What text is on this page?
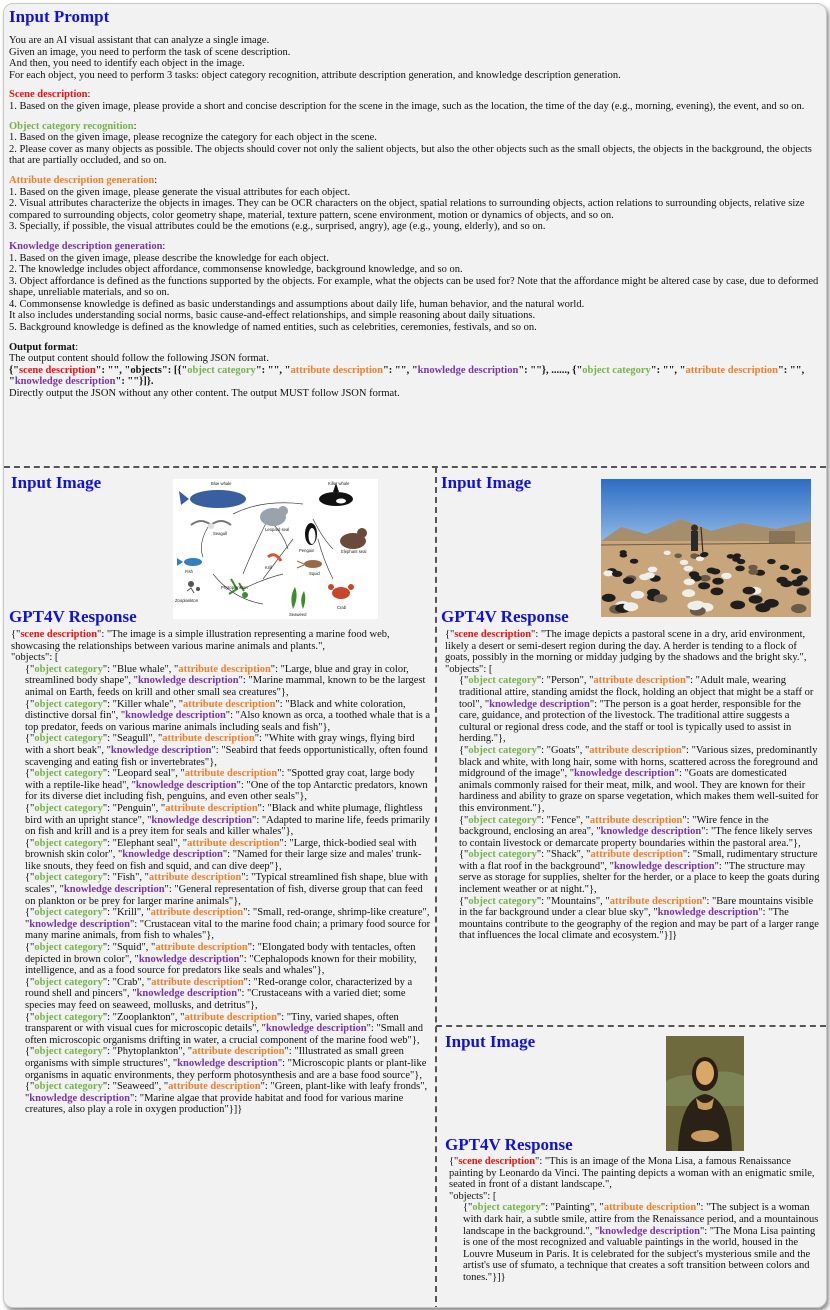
Input Prompt
You are an AI visual assistant that can analyze a single image.
Given an image, you need to perform the task of scene description.
And then, you need to identify each object in the image.
For each object, you need to perform 3 tasks: object category recognition, attribute description generation, and knowledge description generation.
Scene description:
1. Based on the given image, please provide a short and concise description for the scene in the image, such as the location, the time of the day (e.g., morning, evening), the event, and so on.
Object category recognition:
1. Based on the given image, please recognize the category for each object in the scene.
2. Please cover as many objects as possible. The objects should cover not only the salient objects, but also the other objects such as the small objects, the objects in the background, the objects that are partially occluded, and so on.
Attribute description generation:
1. Based on the given image, please generate the visual attributes for each object.
2. Visual attributes characterize the objects in images. They can be OCR characters on the object, spatial relations to surrounding objects, action relations to surrounding objects, relative size compared to surrounding objects, color geometry shape, material, texture pattern, scene environment, motion or dynamics of objects, and so on.
3. Specially, if possible, the visual attributes could be the emotions (e.g., surprised, angry), age (e.g., young, elderly), and so on.
Knowledge description generation:
1. Based on the given image, please describe the knowledge for each object.
2. The knowledge includes object affordance, commonsense knowledge, background knowledge, and so on.
3. Object affordance is defined as the functions supported by the objects. For example, what the objects can be used for? Note that the affordance might be altered case by case, due to deformed shape, unreliable materials, and so on.
4. Commonsense knowledge is defined as basic understandings and assumptions about daily life, human behavior, and the natural world.
It also includes understanding social norms, basic cause-and-effect relationships, and simple reasoning about daily situations.
5. Background knowledge is defined as the knowledge of named entities, such as celebrities, ceremonies, festivals, and so on.
Output format:
The output content should follow the following JSON format.
{"scene description": "", "objects": [{"object category": "", "attribute description": "", "knowledge description": ""}, ......, {"object category": "", "attribute description": "", "knowledge description": ""}]}.
Directly output the JSON without any other content. The output MUST follow JSON format.
Input Image	Blue whale	Killer whale
Seagull
Leopard seal
Penguin	Elephant seal
Fish
Krill
Squid
Zooplankton
Phytoplankton
Seaweed
Crab
GPT4V Response
{"scene description": "The image is a simple illustration representing a marine food web, showcasing the relationships between various marine animals and plants.",
"objects": [
{"object category": "Blue whale", "attribute description": "Large, blue and gray in color, streamlined body shape", "knowledge description": "Marine mammal, known to be the largest animal on Earth, feeds on krill and other small sea creatures"},
{"object category": "Killer whale", "attribute description": "Black and white coloration, distinctive dorsal fin", "knowledge description": "Also known as orca, a toothed whale that is a top predator, feeds on various marine animals including seals and fish"},
{"object category": "Seagull", "attribute description": "White with gray wings, flying bird with a short beak", "knowledge description": "Seabird that feeds opportunistically, often found scavenging and eating fish or invertebrates"},
{"object category": "Leopard seal", "attribute description": "Spotted gray coat, large body with a reptile-like head", "knowledge description": "One of the top Antarctic predators, known for its diverse diet including fish, penguins, and even other seals"},
{"object category": "Penguin", "attribute description": "Black and white plumage, flightless bird with an upright stance", "knowledge description": "Adapted to marine life, feeds primarily on fish and krill and is a prey item for seals and killer whales"},
{"object category": "Elephant seal", "attribute description": "Large, thick-bodied seal with brownish skin color", "knowledge description": "Named for their large size and males' trunk-like snouts, they feed on fish and squid, and can dive deep"},
{"object category": "Fish", "attribute description": "Typical streamlined fish shape, blue with scales", "knowledge description": "General representation of fish, diverse group that can feed on plankton or be prey for larger marine animals"},
{"object category": "Krill", "attribute description": "Small, red-orange, shrimp-like creature", "knowledge description": "Crustacean vital to the marine food chain; a primary food source for many marine animals, from fish to whales"},
{"object category": "Squid", "attribute description": "Elongated body with tentacles, often depicted in brown color", "knowledge description": "Cephalopods known for their mobility, intelligence, and as a food source for predators like seals and whales"},
{"object category": "Crab", "attribute description": "Red-orange color, characterized by a round shell and pincers", "knowledge description": "Crustaceans with a varied diet; some species may feed on seaweed, mollusks, and detritus"},
{"object category": "Zooplankton", "attribute description": "Tiny, varied shapes, often transparent or with visual cues for microscopic details", "knowledge description": "Small and often microscopic organisms drifting in water, a crucial component of the marine food web"},
{"object category": "Phytoplankton", "attribute description": "Illustrated as small green organisms with simple structures", "knowledge description": "Microscopic plants or plant-like organisms in aquatic environments, they perform photosynthesis and are a base food source"},
{"object category": "Seaweed", "attribute description": "Green, plant-like with leafy fronds", "knowledge description": "Marine algae that provide habitat and food for various marine creatures, also play a role in oxygen production"}]}
Input Image
GPT4V Response
{"scene description": "The image depicts a pastoral scene in a dry, arid environment, likely a desert or semi-desert region during the day. A herder is tending to a flock of goats, possibly in the morning or midday judging by the shadows and the bright sky.",
"objects": [
{"object category": "Person", "attribute description": "Adult male, wearing traditional attire, standing amidst the flock, holding an object that might be a staff or tool", "knowledge description": "The person is a goat herder, responsible for the care, guidance, and protection of the livestock. The traditional attire suggests a cultural or regional dress code, and the staff or tool is typically used to assist in herding."},
{"object category": "Goats", "attribute description": "Various sizes, predominantly black and white, with long hair, some with horns, scattered across the foreground and midground of the image", "knowledge description": "Goats are domesticated animals commonly raised for their meat, milk, and wool. They are known for their hardiness and ability to graze on sparse vegetation, which makes them well-suited for this environment."},
{"object category": "Fence", "attribute description": "Wire fence in the background, enclosing an area", "knowledge description": "The fence likely serves to contain livestock or demarcate property boundaries within the pastoral area."},
{"object category": "Shack", "attribute description": "Small, rudimentary structure with a flat roof in the background", "knowledge description": "The structure may serve as storage for supplies, shelter for the herder, or a place to keep the goats during inclement weather or at night."},
{"object category": "Mountains", "attribute description": "Bare mountains visible in the far background under a clear blue sky", "knowledge description": "The mountains contribute to the geography of the region and may be part of a larger range that influences the local climate and ecosystem."}]}
Input Image
GPT4V Response
{"scene description": "This is an image of the Mona Lisa, a famous Renaissance painting by Leonardo da Vinci. The painting depicts a woman with an enigmatic smile, seated in front of a distant landscape.",
"objects": [
{"object category": "Painting", "attribute description": "The subject is a woman with dark hair, a subtle smile, attire from the Renaissance period, and a mountainous landscape in the background.", "knowledge description": "The Mona Lisa painting is one of the most recognized and valuable paintings in the world, housed in the Louvre Museum in Paris. It is celebrated for the subject's mysterious smile and the artist's use of sfumato, a technique that creates a soft transition between colors and tones."}]}
